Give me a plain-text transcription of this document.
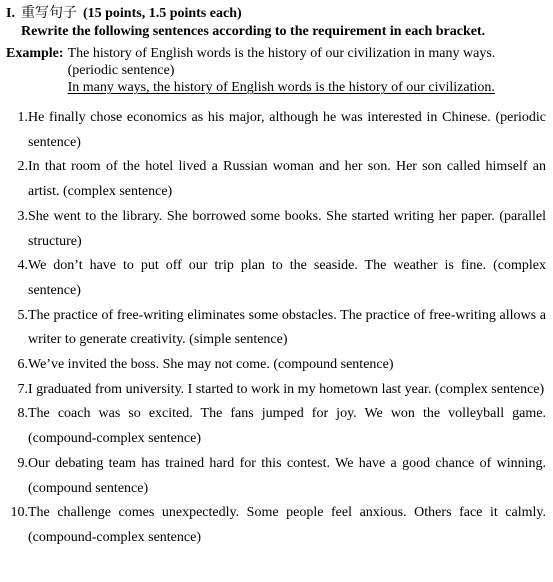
I. 重写句子 (15 points, 1.5 points each)
Rewrite the following sentences according to the requirement in each bracket.
Example: The history of English words is the history of our civilization in many ways.
(periodic sentence)
In many ways, the history of English words is the history of our civilization.
1. He finally chose economics as his major, although he was interested in Chinese. (periodic sentence)
2. In that room of the hotel lived a Russian woman and her son. Her son called himself an artist. (complex sentence)
3. She went to the library. She borrowed some books. She started writing her paper. (parallel structure)
4. We don’t have to put off our trip plan to the seaside. The weather is fine. (complex sentence)
5. The practice of free-writing eliminates some obstacles. The practice of free-writing allows a writer to generate creativity. (simple sentence)
6. We’ve invited the boss. She may not come. (compound sentence)
7. I graduated from university. I started to work in my hometown last year. (complex sentence)
8. The coach was so excited. The fans jumped for joy. We won the volleyball game. (compound-complex sentence)
9. Our debating team has trained hard for this contest. We have a good chance of winning. (compound sentence)
10. The challenge comes unexpectedly. Some people feel anxious. Others face it calmly. (compound-complex sentence)
